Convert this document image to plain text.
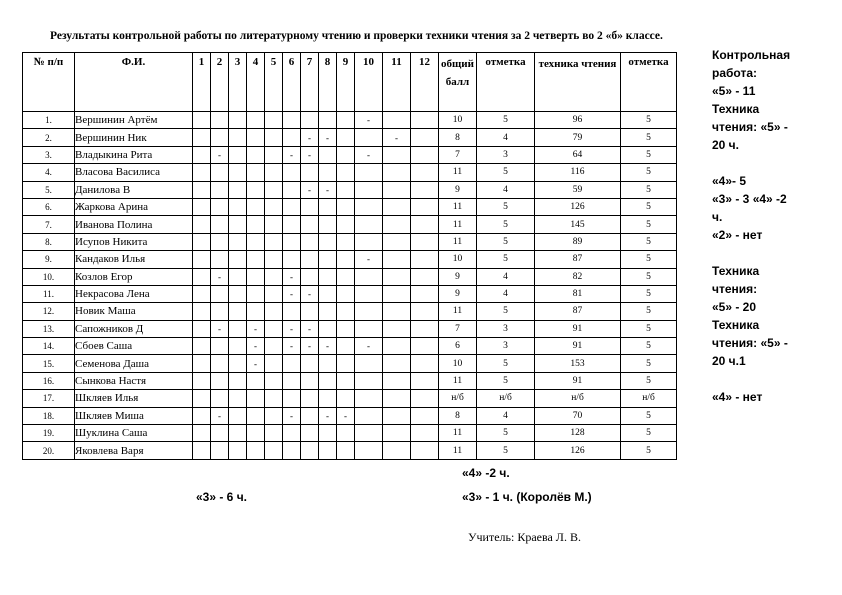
Результаты контрольной работы по литературному чтению и проверки техники чтения за 2 четверть во 2 «б» классе.
№ п/п	Ф.И.	1	2	3	4	5	6	7	8	9	10	11	12	общий балл	отметка	техника чтения	отметка
1.	Вершинин Артём										-			10	5	96	5
2.	Вершинин Ник							-	-			-		8	4	79	5
3.	Владыкина Рита		-				-	-			-			7	3	64	5
4.	Власова Василиса													11	5	116	5
5.	Данилова В							-	-					9	4	59	5
6.	Жаркова Арина													11	5	126	5
7.	Иванова Полина													11	5	145	5
8.	Исупов Никита													11	5	89	5
9.	Кандаков Илья										-			10	5	87	5
10.	Козлов Егор		-				-							9	4	82	5
11.	Некрасова Лена						-	-						9	4	81	5
12.	Новик Маша													11	5	87	5
13.	Сапожников Д		-		-		-	-						7	3	91	5
14.	Сбоев Саша				-		-	-	-		-			6	3	91	5
15.	Семенова Даша				-									10	5	153	5
16.	Сынкова Настя													11	5	91	5
17.	Шкляев Илья													н/б	н/б	н/б	н/б
18.	Шкляев Миша		-				-		-	-				8	4	70	5
19.	Шуклина Саша													11	5	128	5
20.	Яковлева Варя													11	5	126	5
Контрольная
работа:
«5» - 11
Техника
чтения: «5» -
20 ч.
«4»- 5
«3» - 3 «4» -2
ч.
«2» - нет
Техника
чтения:
«5» - 20
Техника
чтения: «5» -
20 ч.1
«4» - нет
«4» -2 ч.
«3» - 6 ч.	«3» - 1 ч. (Королёв М.)
Учитель: Краева Л. В.
